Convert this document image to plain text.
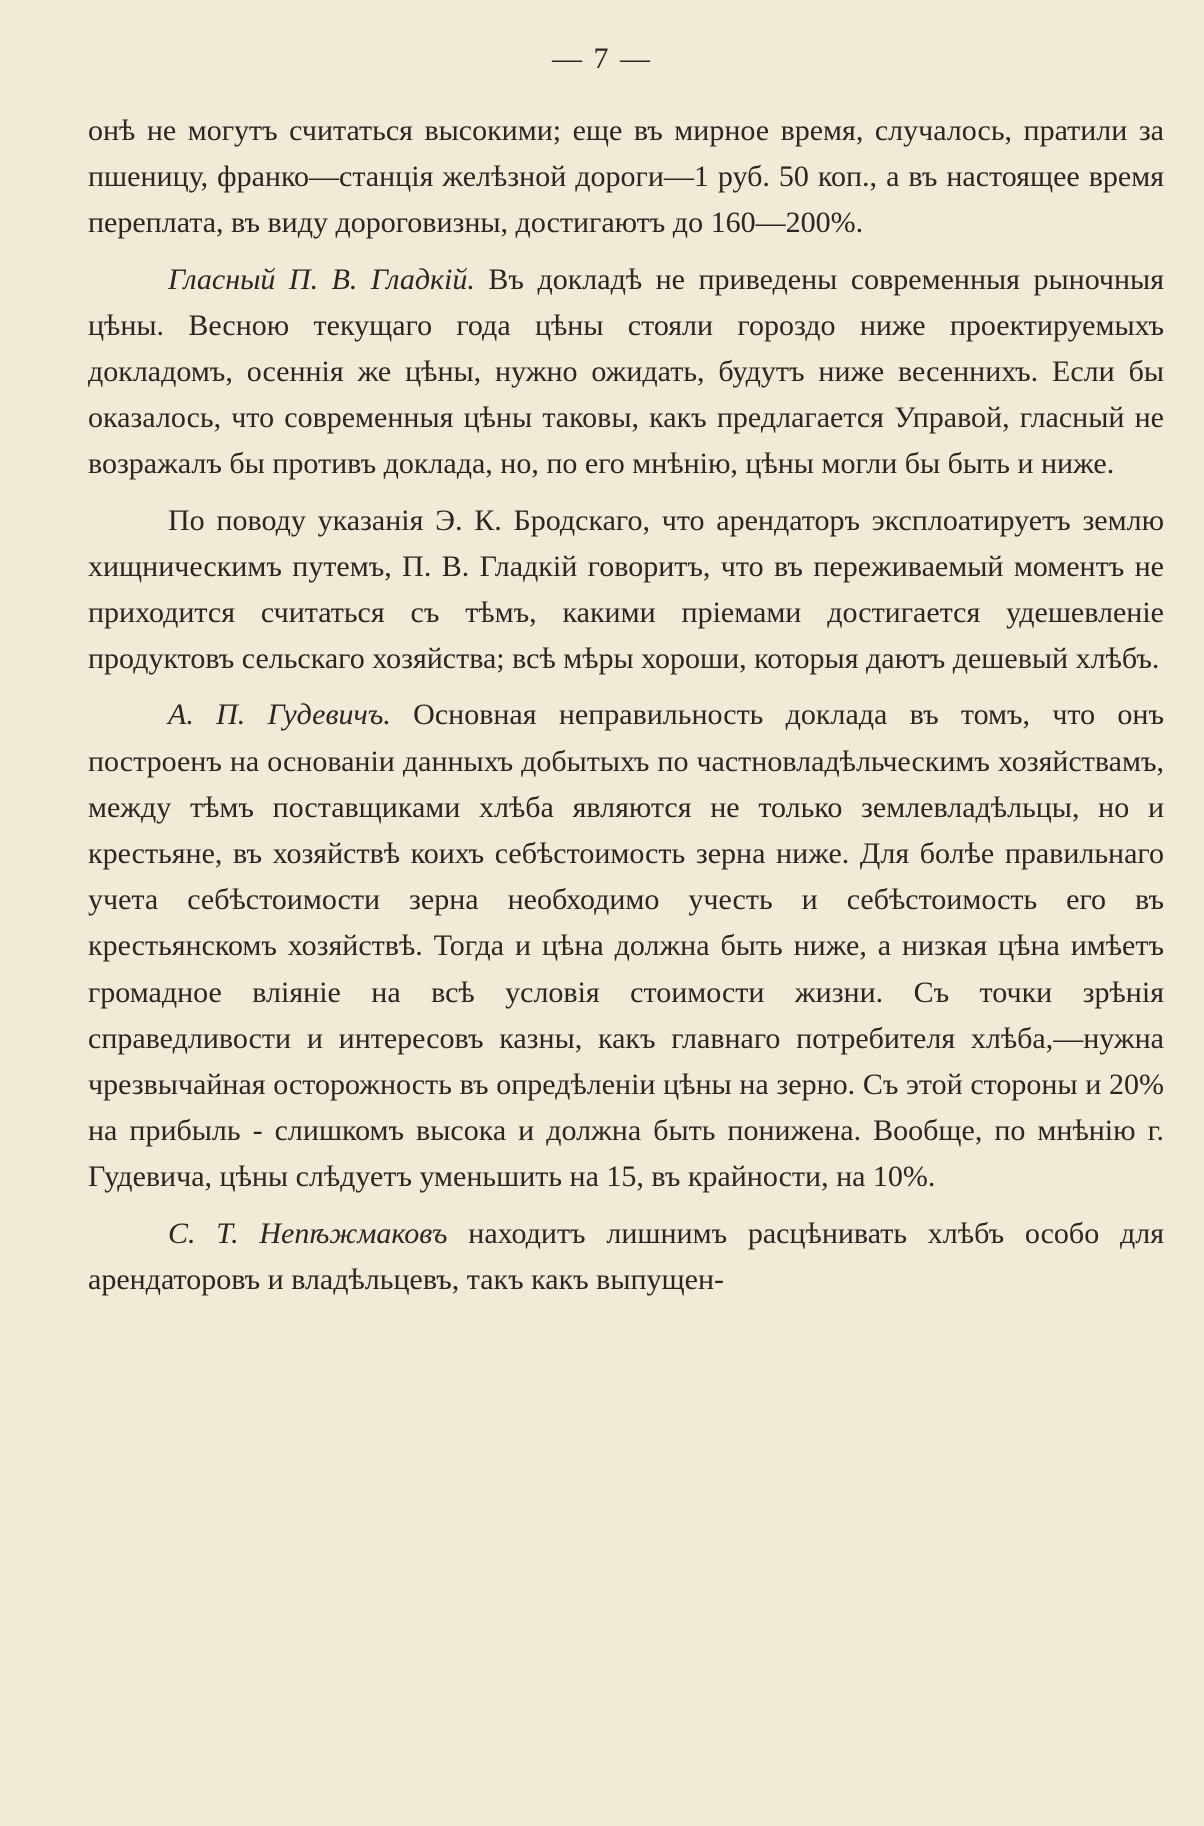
— 7 —

онѣ не могутъ считаться высокими; еще въ мирное время, случалось, пратили за пшеницу, франко—станція желѣзной дороги—1 руб. 50 коп., а въ настоящее время переплата, въ виду дороговизны, достигаютъ до 160—200%.

Гласный П. В. Гладкій. Въ докладѣ не приведены современныя рыночныя цѣны. Весною текущаго года цѣны стояли гороздо ниже проектируемыхъ докладомъ, осеннія же цѣны, нужно ожидать, будутъ ниже весеннихъ. Если бы оказалось, что современныя цѣны таковы, какъ предлагается Управой, гласный не возражалъ бы противъ доклада, но, по его мнѣнію, цѣны могли бы быть и ниже.

По поводу указанія Э. К. Бродскаго, что арендаторъ эксплоатируетъ землю хищническимъ путемъ, П. В. Гладкій говоритъ, что въ переживаемый моментъ не приходится считаться съ тѣмъ, какими пріемами достигается удешевленіе продуктовъ сельскаго хозяйства; всѣ мѣры хороши, которыя даютъ дешевый хлѣбъ.

А. П. Гудевичъ. Основная неправильность доклада въ томъ, что онъ построенъ на основаніи данныхъ добытыхъ по частновладѣльческимъ хозяйствамъ, между тѣмъ поставщиками хлѣба являются не только землевладѣльцы, но и крестьяне, въ хозяйствѣ коихъ себѣстоимость зерна ниже. Для болѣе правильнаго учета себѣстоимости зерна необходимо учесть и себѣстоимость его въ крестьянскомъ хозяйствѣ. Тогда и цѣна должна быть ниже, а низкая цѣна имѣетъ громадное вліяніе на всѣ условія стоимости жизни. Съ точки зрѣнія справедливости и интересовъ казны, какъ главнаго потребителя хлѣба,—нужна чрезвычайная осторожность въ опредѣленіи цѣны на зерно. Съ этой стороны и 20% на прибыль - слишкомъ высока и должна быть понижена. Вообще, по мнѣнію г. Гудевича, цѣны слѣдуетъ уменьшить на 15, въ крайности, на 10%.

С. Т. Непѣжмаковъ находитъ лишнимъ расцѣнивать хлѣбъ особо для арендаторовъ и владѣльцевъ, такъ какъ выпущен-
